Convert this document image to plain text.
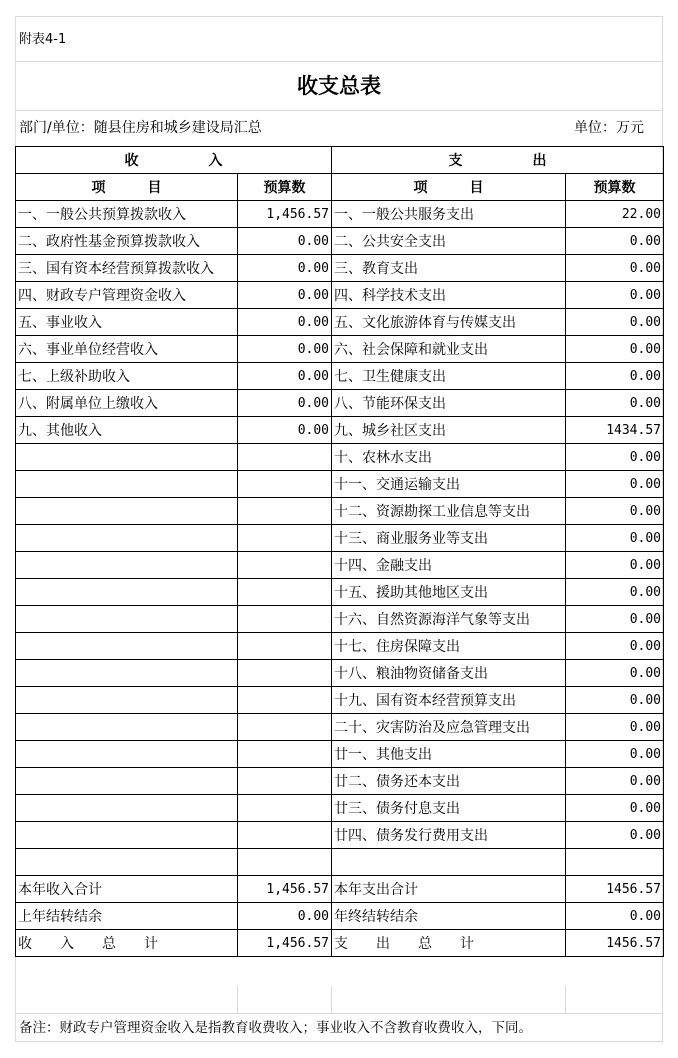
附表4-1
收支总表
部门/单位：随县住房和城乡建设局汇总	单位：万元
收　　　　　入		支　　　　　出	
项　　　目	预算数	项　　　目	预算数
一、一般公共预算拨款收入	1,456.57	一、一般公共服务支出	22.00
二、政府性基金预算拨款收入	0.00	二、公共安全支出	0.00
三、国有资本经营预算拨款收入	0.00	三、教育支出	0.00
四、财政专户管理资金收入	0.00	四、科学技术支出	0.00
五、事业收入	0.00	五、文化旅游体育与传媒支出	0.00
六、事业单位经营收入	0.00	六、社会保障和就业支出	0.00
七、上级补助收入	0.00	七、卫生健康支出	0.00
八、附属单位上缴收入	0.00	八、节能环保支出	0.00
九、其他收入	0.00	九、城乡社区支出	1434.57
		十、农林水支出	0.00
		十一、交通运输支出	0.00
		十二、资源勘探工业信息等支出	0.00
		十三、商业服务业等支出	0.00
		十四、金融支出	0.00
		十五、援助其他地区支出	0.00
		十六、自然资源海洋气象等支出	0.00
		十七、住房保障支出	0.00
		十八、粮油物资储备支出	0.00
		十九、国有资本经营预算支出	0.00
		二十、灾害防治及应急管理支出	0.00
		廿一、其他支出	0.00
		廿二、债务还本支出	0.00
		廿三、债务付息支出	0.00
		廿四、债务发行费用支出	0.00

本年收入合计	1,456.57	本年支出合计	1456.57
上年结转结余	0.00	年终结转结余	0.00
收　　入　　总　　计	1,456.57	支　　出　　总　　计	1456.57
备注：财政专户管理资金收入是指教育收费收入；事业收入不含教育收费收入，下同。
